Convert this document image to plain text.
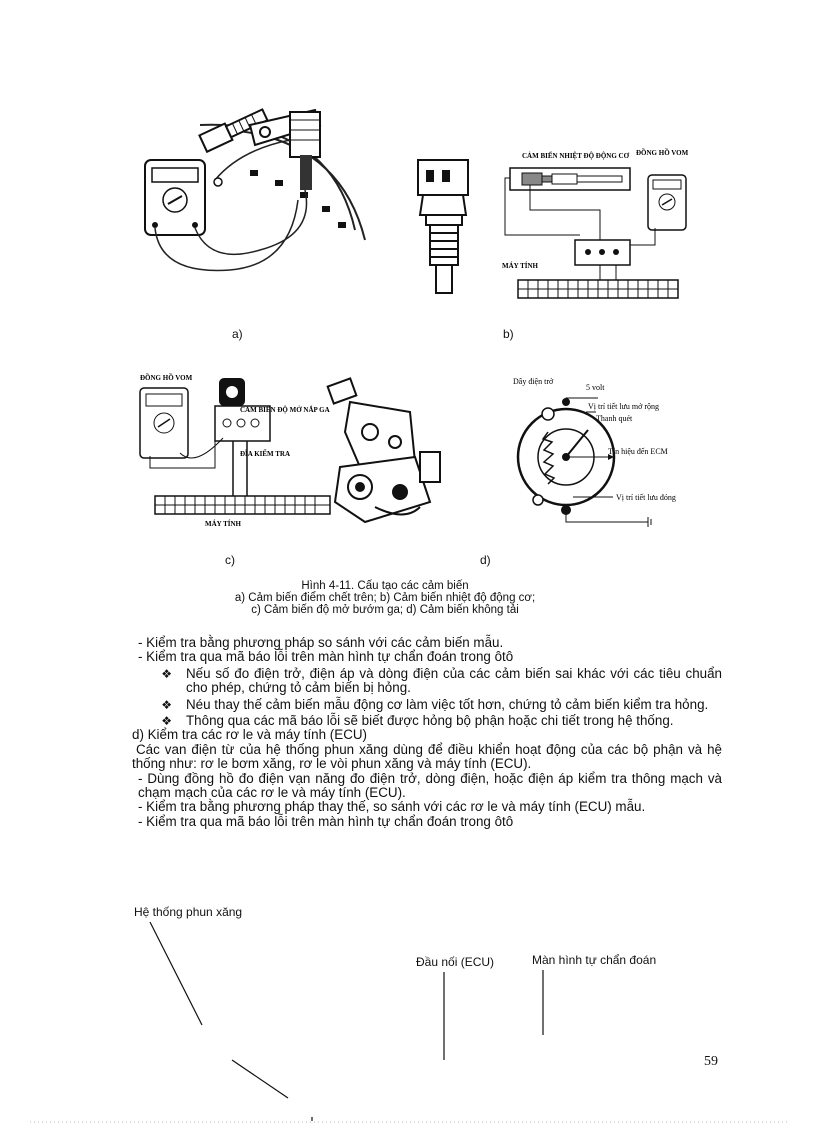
CẢM BIẾN NHIỆT ĐỘ ĐỘNG CƠ ĐỒNG HỒ VOM
MÁY TÍNH
a)	b)
ĐỒNG HỒ VOM
CẢM BIẾN ĐỘ MỞ NẮP GA
ĐĨA KIỂM TRA
MÁY TÍNH
Dây điện trở
5 volt
Vị trí tiết lưu mở rộng
Thanh quét
Tín hiệu đến ECM
Vị trí tiết lưu đóng
c)	d)
Hình 4-11. Cấu tạo các cảm biến
a) Cảm biến điểm chết trên; b) Cảm biến nhiệt độ động cơ;
c) Cảm biến độ mở bướm ga; d) Cảm biến không tải
- Kiểm tra bằng phương pháp so sánh với các cảm biến mẫu.
- Kiểm tra qua mã báo lỗi trên màn hình tự chẩn đoán trong ôtô
❖	Nếu số đo điện trở, điện áp và dòng điện của các cảm biến sai khác với các tiêu chuẩn cho phép, chứng tỏ cảm biến bị hỏng.
❖	Néu thay thế cảm biến mẫu động cơ làm việc tốt hơn, chứng tỏ cảm biến kiểm tra hỏng.
❖	Thông qua các mã báo lỗi sẽ biết được hỏng bộ phận hoặc chi tiết trong hệ thống.
d) Kiểm tra các rơ le và máy tính (ECU)
Các van điện từ của hệ thống phun xăng dùng để điều khiển hoạt động của các bộ phận và hệ thống như: rơ le bơm xăng, rơ le vòi phun xăng và máy tính (ECU).
- Dùng đồng hồ đo điện vạn năng đo điện trở, dòng điện, hoặc điện áp kiểm tra thông mạch và chạm mạch của các rơ le và máy tính (ECU).
- Kiểm tra bằng phương pháp thay thế, so sánh với các rơ le và máy tính (ECU) mẫu.
- Kiểm tra qua mã báo lỗi trên màn hình tự chẩn đoán trong ôtô
Hệ thống phun xăng
Đầu nối (ECU)	Màn hình tự chẩn đoán
59
